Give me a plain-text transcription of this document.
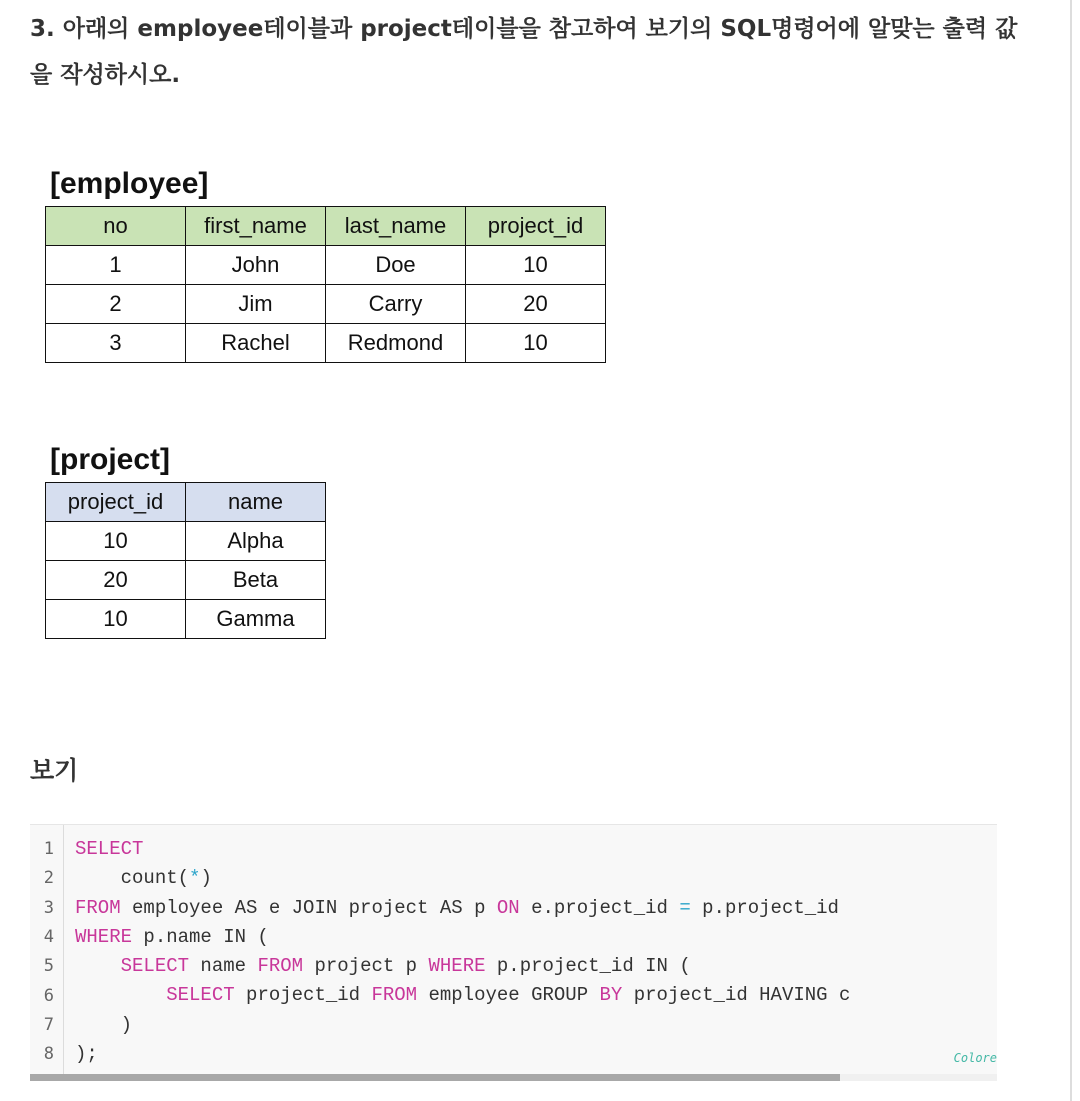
3. 아래의 employee테이블과 project테이블을 참고하여 보기의 SQL명령어에 알맞는 출력 값을 작성하시오.

[employee]

no	first_name	last_name	project_id
1	John	Doe	10
2	Jim	Carry	20
3	Rachel	Redmond	10

[project]

project_id	name
10	Alpha
20	Beta
10	Gamma

보기

1
2
3
4
5
6
7
8
SELECT
count(*)
FROM employee AS e JOIN project AS p ON e.project_id = p.project_id
WHERE p.name IN (
SELECT name FROM project p WHERE p.project_id IN (
SELECT project_id FROM employee GROUP BY project_id HAVING c
)
);	Colore
